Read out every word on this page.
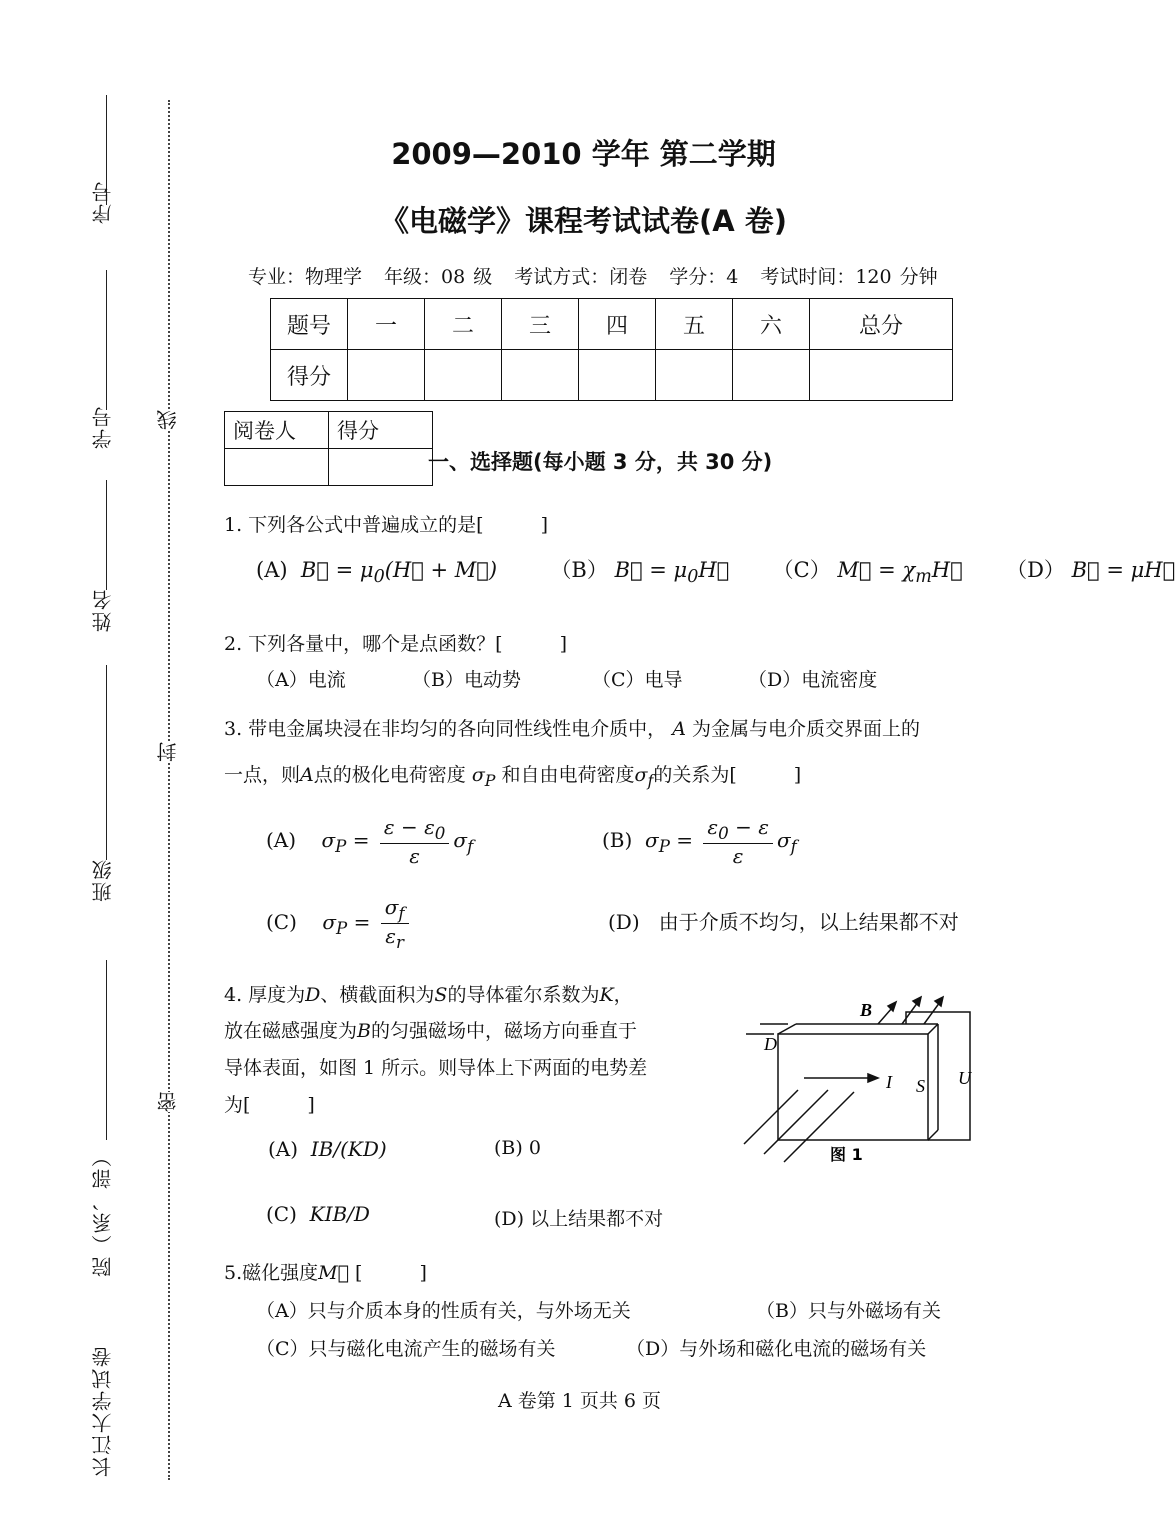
序号
学号
姓名
班级
院（系、部）
长江大学试卷
线
封
密
2009—2010 学年 第二学期
《电磁学》课程考试试卷(A 卷)
专业：物理学 年级：08 级 考试方式：闭卷 学分：4 考试时间：120 分钟
题号	一	二	三	四	五	六	总分
得分							
阅卷人	得分

一、选择题(每小题 3 分，共 30 分)
1. 下列各公式中普遍成立的是[　　　]
(A)  B⃗ = $\mu_0(H⃗$ + M⃗)	（B） B⃗ = $\mu_0H⃗$ （C） M⃗ = $\chi_mH⃗$ （D） B⃗ = μH⃗
2. 下列各量中，哪个是点函数？[　　　]
（A）电流	（B）电动势	（C）电导	（D）电流密度
3. 带电金属块浸在非均匀的各向同性线性电介质中， A 为金属与电介质交界面上的
一点，则A点的极化电荷密度 $\sigma_P$ 和自由电荷密度$\sigma_f$的关系为[　　　]
(A) $\sigma_P = \frac{\varepsilon - \varepsilon_0}{\varepsilon} \sigma_f$	(B) $\sigma_P = \frac{\varepsilon_0 - \varepsilon}{\varepsilon} \sigma_f$
(C) $\sigma_P = \frac{\sigma_f}{\varepsilon_r}$	(D) 由于介质不均匀，以上结果都不对
4. 厚度为D、横截面积为S的导体霍尔系数为K，
放在磁感强度为B的匀强磁场中，磁场方向垂直于
导体表面，如图 1 所示。则导体上下两面的电势差
为[　　　]
(A) IB/(KD)	(B) 0
(C) KIB/D	(D) 以上结果都不对
B
D
I S U
图 1
5.磁化强度M⃗ [　　　]
（A）只与介质本身的性质有关，与外场无关	（B）只与外磁场有关
（C）只与磁化电流产生的磁场有关	（D）与外场和磁化电流的磁场有关
A 卷第 1 页共 6 页
